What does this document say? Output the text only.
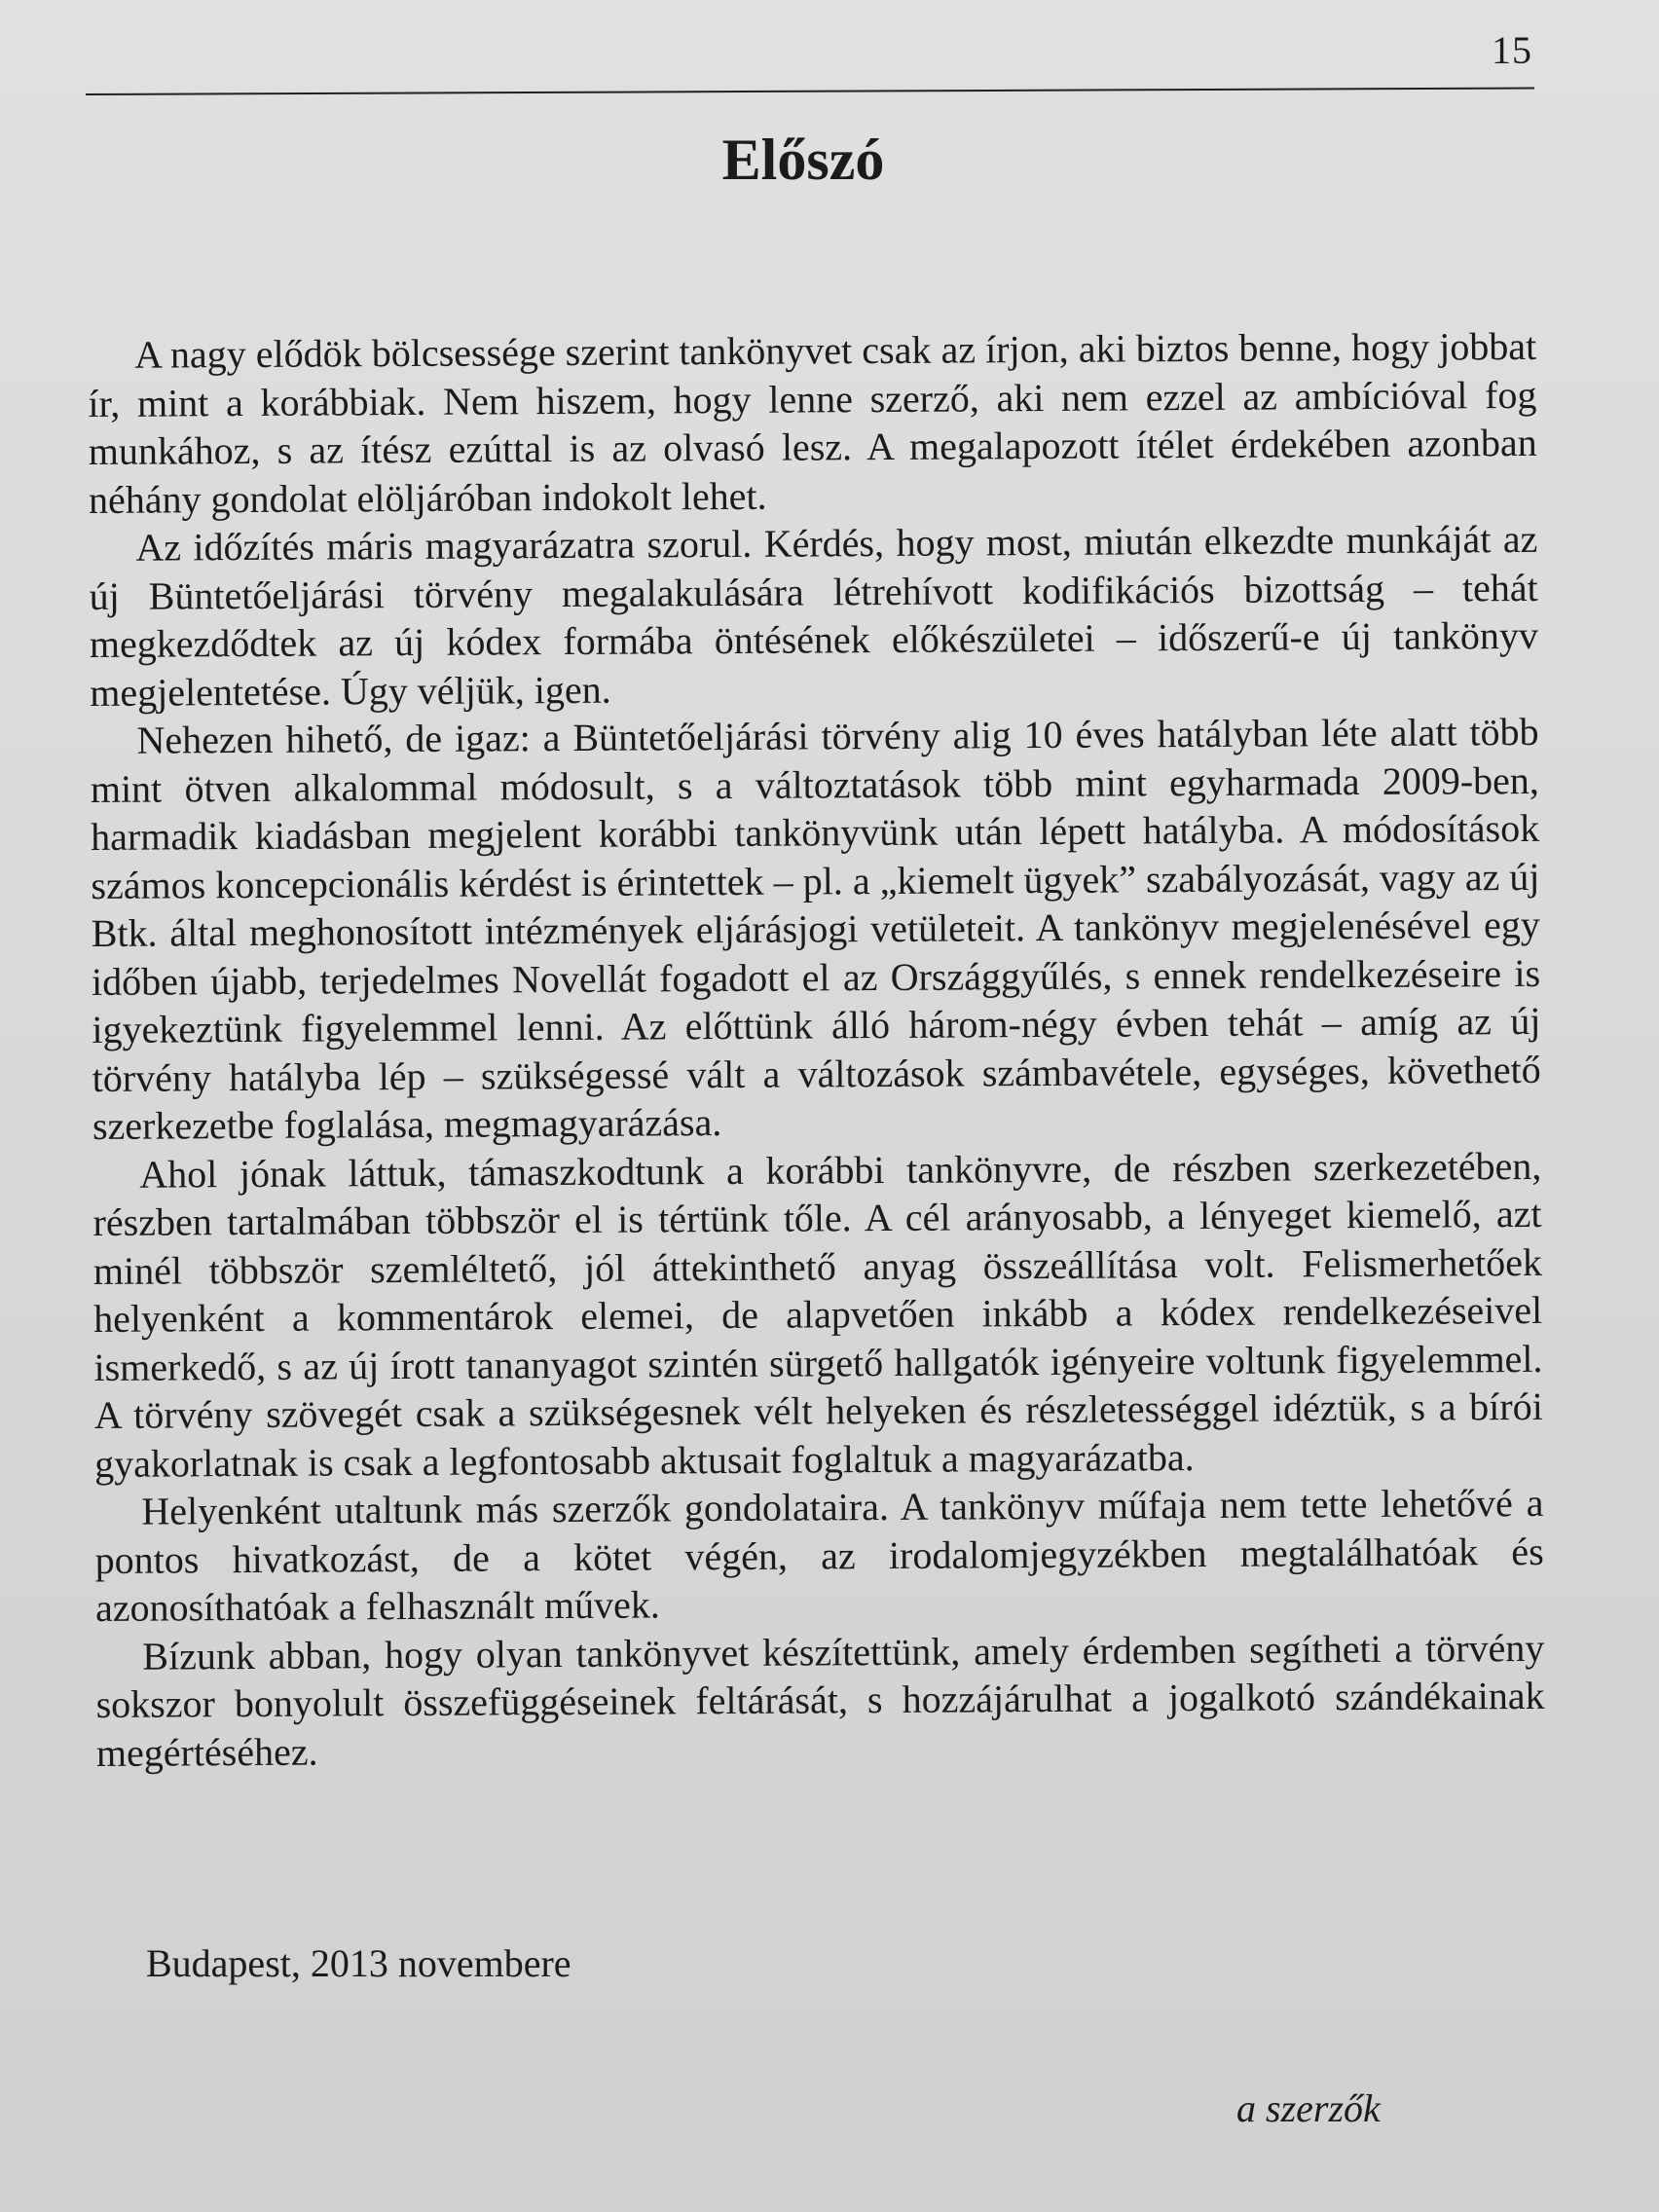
15
Előszó

A nagy elődök bölcsessége szerint tankönyvet csak az írjon, aki biztos benne, hogy jobbat ír, mint a korábbiak. Nem hiszem, hogy lenne szerző, aki nem ezzel az ambícióval fog munkához, s az ítész ezúttal is az olvasó lesz. A megalapozott ítélet érdekében azonban néhány gondolat elöljáróban indokolt lehet.

Az időzítés máris magyarázatra szorul. Kérdés, hogy most, miután elkezdte munkáját az új Büntetőeljárási törvény megalakulására létrehívott kodifikációs bizottság – tehát megkezdődtek az új kódex formába öntésének előkészületei – időszerű-e új tankönyv megjelentetése. Úgy véljük, igen.

Nehezen hihető, de igaz: a Büntetőeljárási törvény alig 10 éves hatályban léte alatt több mint ötven alkalommal módosult, s a változtatások több mint egyharmada 2009-ben, harmadik kiadásban megjelent korábbi tankönyvünk után lépett hatályba. A módosítások számos koncepcionális kérdést is érintettek – pl. a „kiemelt ügyek” szabályozását, vagy az új Btk. által meghonosított intézmények eljárásjogi vetületeit. A tankönyv megjelenésével egy időben újabb, terjedelmes Novellát fogadott el az Országgyűlés, s ennek rendelkezéseire is igyekeztünk figyelemmel lenni. Az előttünk álló három-négy évben tehát – amíg az új törvény hatályba lép – szükségessé vált a változások számbavétele, egységes, követhető szerkezetbe foglalása, megmagyarázása.

Ahol jónak láttuk, támaszkodtunk a korábbi tankönyvre, de részben szerkezetében, részben tartalmában többször el is tértünk tőle. A cél arányosabb, a lényeget kiemelő, azt minél többször szemléltető, jól áttekinthető anyag összeállítása volt. Felismerhetőek helyenként a kommentárok elemei, de alapvetően inkább a kódex rendelkezéseivel ismerkedő, s az új írott tananyagot szintén sürgető hallgatók igényeire voltunk figyelemmel. A törvény szövegét csak a szükségesnek vélt helyeken és részletességgel idéztük, s a bírói gyakorlatnak is csak a legfontosabb aktusait foglaltuk a magyarázatba.

Helyenként utaltunk más szerzők gondolataira. A tankönyv műfaja nem tette lehetővé a pontos hivatkozást, de a kötet végén, az irodalomjegyzékben megtalálhatóak és azonosíthatóak a felhasznált művek.

Bízunk abban, hogy olyan tankönyvet készítettünk, amely érdemben segítheti a törvény sokszor bonyolult összefüggéseinek feltárását, s hozzájárulhat a jogalkotó szándékainak megértéséhez.

Budapest, 2013 novembere
a szerzők
